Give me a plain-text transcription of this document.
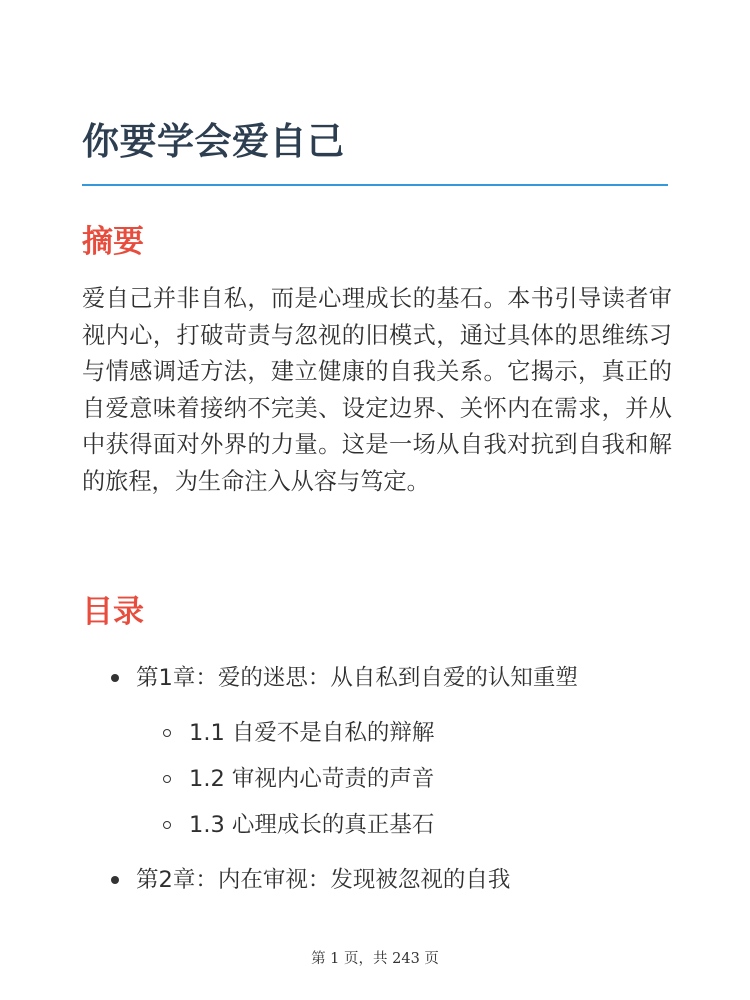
你要学会爱自己
摘要

爱自己并非自私，而是心理成长的基石。本书引导读者审视内心，打破苛责与忽视的旧模式，通过具体的思维练习与情感调适方法，建立健康的自我关系。它揭示，真正的自爱意味着接纳不完美、设定边界、关怀内在需求，并从中获得面对外界的力量。这是一场从自我对抗到自我和解的旅程，为生命注入从容与笃定。

目录
第1章：爱的迷思：从自私到自爱的认知重塑
1.1 自爱不是自私的辩解
1.2 审视内心苛责的声音
1.3 心理成长的真正基石
第2章：内在审视：发现被忽视的自我
第 1 页，共 243 页
